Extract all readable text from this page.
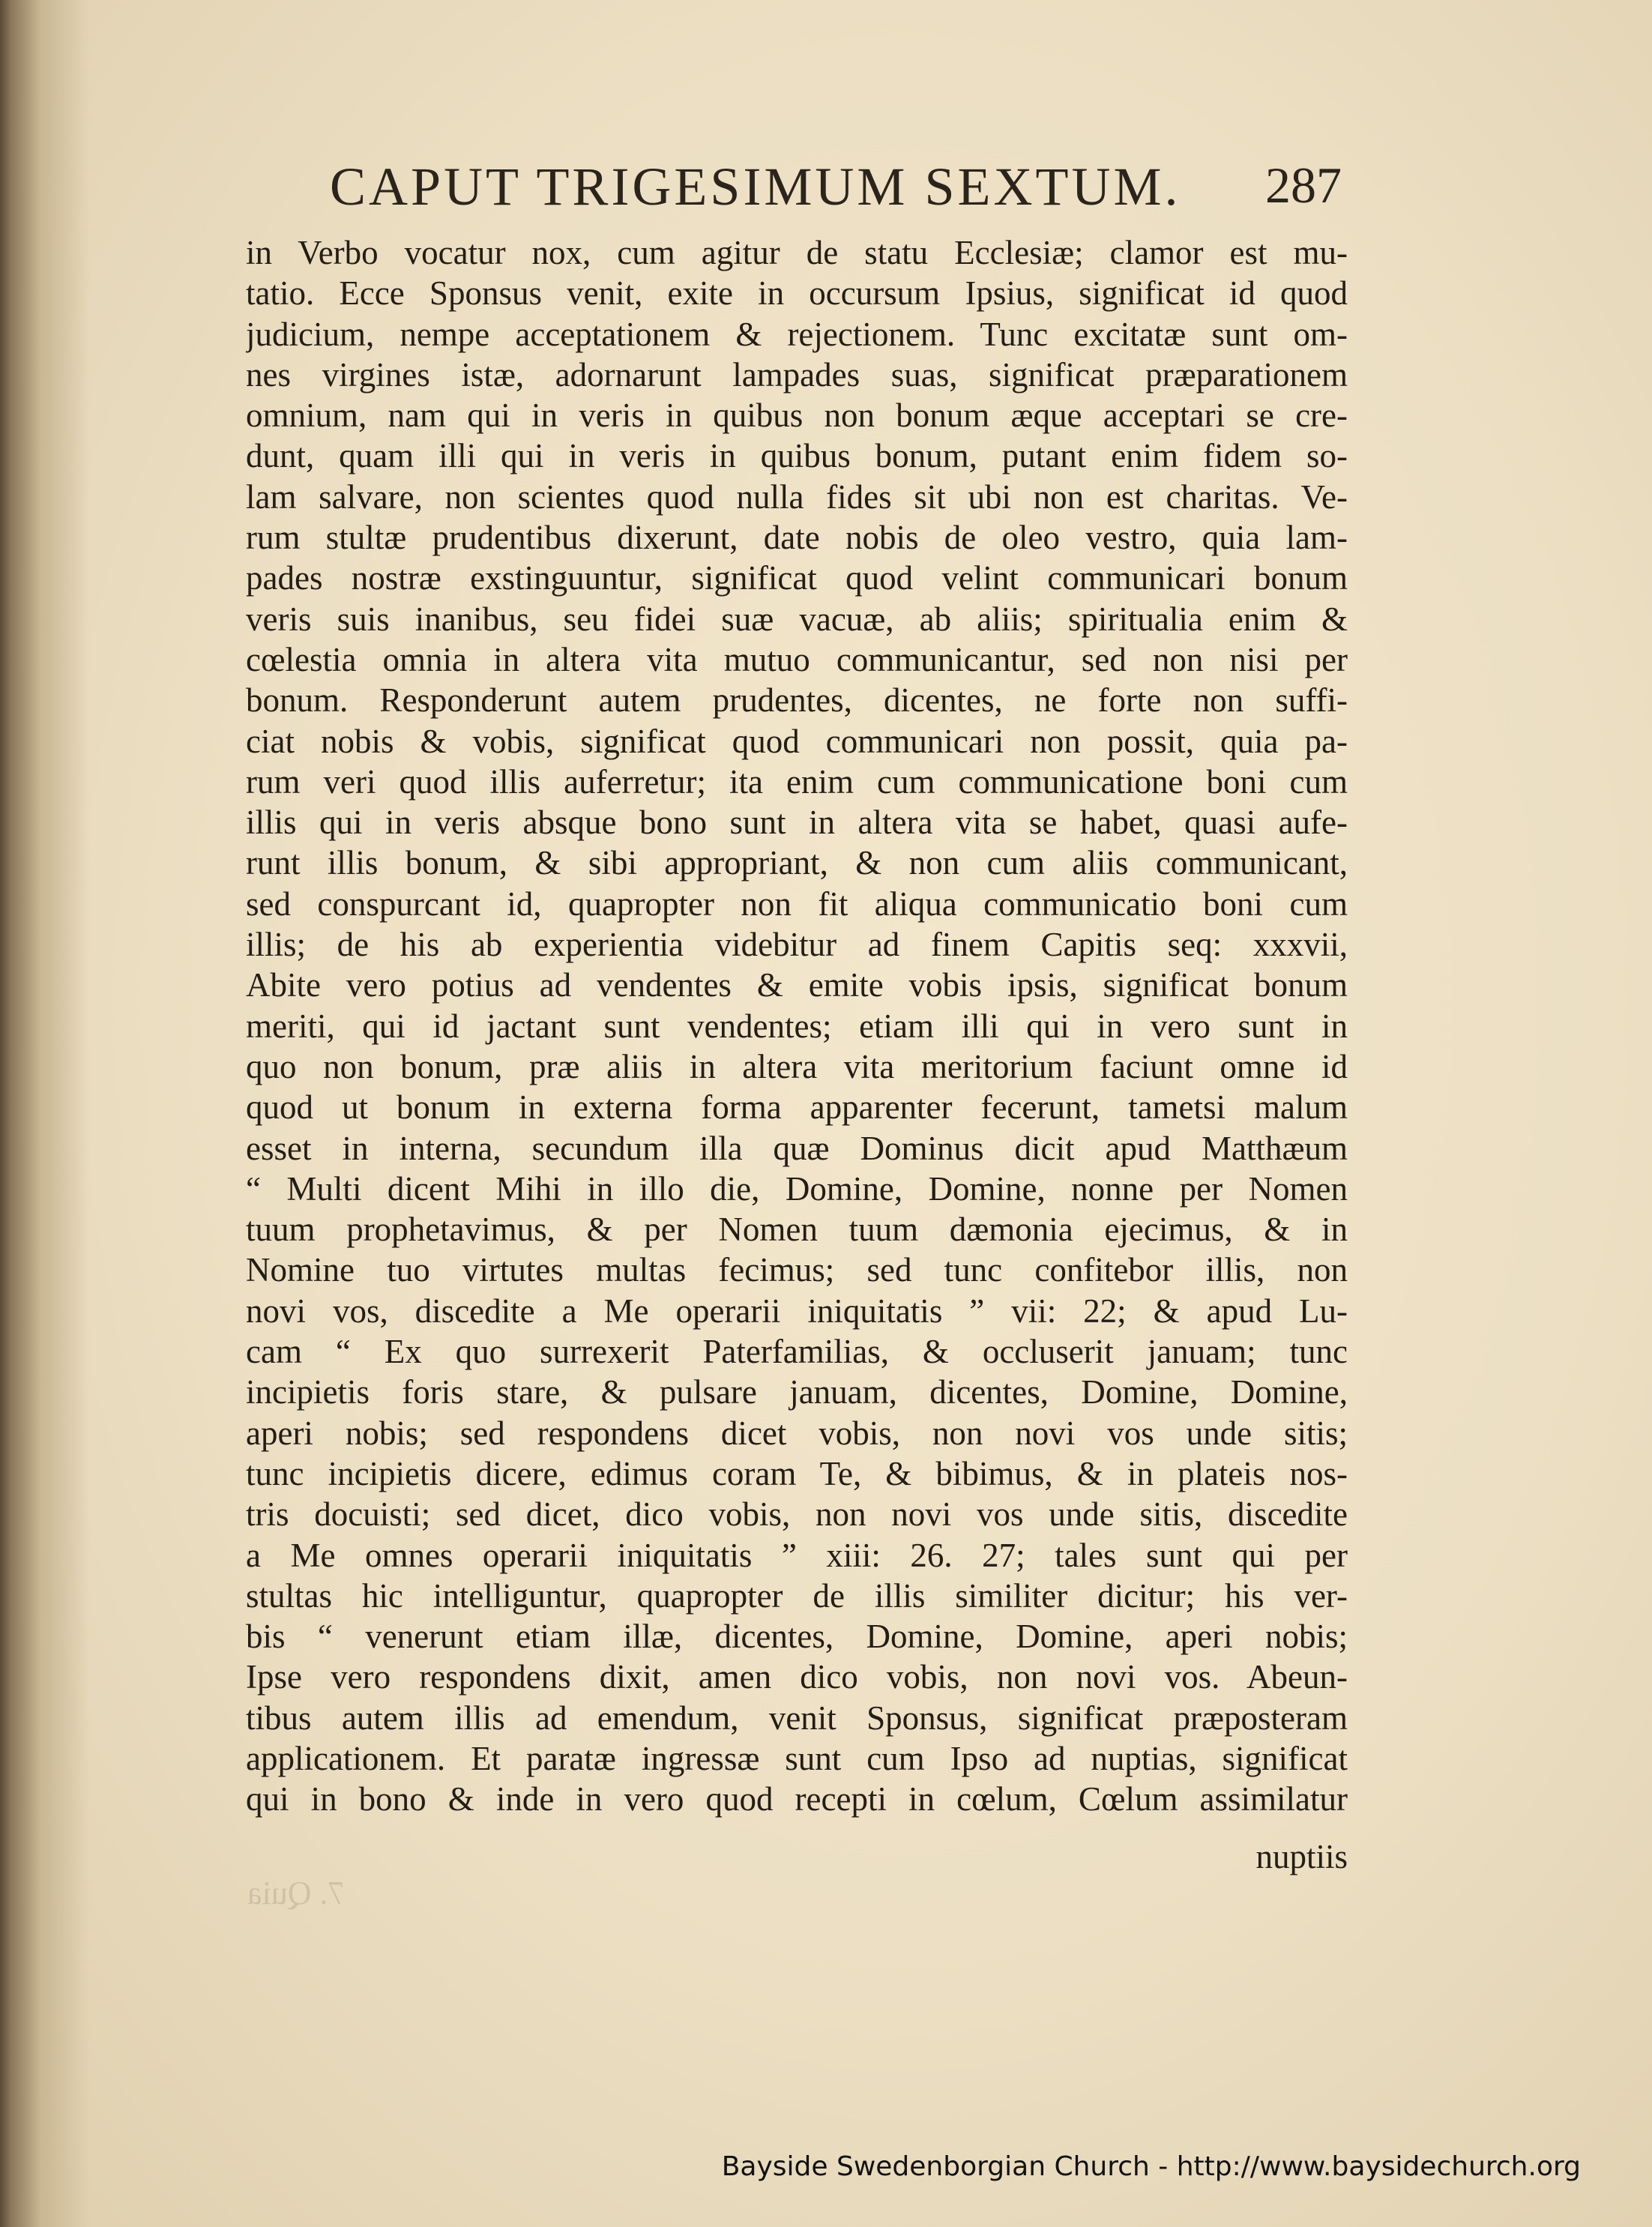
CAPUT TRIGESIMUM SEXTUM. 287
in Verbo vocatur nox, cum agitur de statu Ecclesiæ; clamor est mu-
tatio. Ecce Sponsus venit, exite in occursum Ipsius, significat id quod
judicium, nempe acceptationem & rejectionem. Tunc excitatæ sunt om-
nes virgines istæ, adornarunt lampades suas, significat præparationem
omnium, nam qui in veris in quibus non bonum æque acceptari se cre-
dunt, quam illi qui in veris in quibus bonum, putant enim fidem so-
lam salvare, non scientes quod nulla fides sit ubi non est charitas. Ve-
rum stultæ prudentibus dixerunt, date nobis de oleo vestro, quia lam-
pades nostræ exstinguuntur, significat quod velint communicari bonum
veris suis inanibus, seu fidei suæ vacuæ, ab aliis; spiritualia enim &
cœlestia omnia in altera vita mutuo communicantur, sed non nisi per
bonum. Responderunt autem prudentes, dicentes, ne forte non suffi-
ciat nobis & vobis, significat quod communicari non possit, quia pa-
rum veri quod illis auferretur; ita enim cum communicatione boni cum
illis qui in veris absque bono sunt in altera vita se habet, quasi aufe-
runt illis bonum, & sibi appropriant, & non cum aliis communicant,
sed conspurcant id, quapropter non fit aliqua communicatio boni cum
illis; de his ab experientia videbitur ad finem Capitis seq: xxxvii,
Abite vero potius ad vendentes & emite vobis ipsis, significat bonum
meriti, qui id jactant sunt vendentes; etiam illi qui in vero sunt in
quo non bonum, præ aliis in altera vita meritorium faciunt omne id
quod ut bonum in externa forma apparenter fecerunt, tametsi malum
esset in interna, secundum illa quæ Dominus dicit apud Matthæum
“ Multi dicent Mihi in illo die, Domine, Domine, nonne per Nomen
tuum prophetavimus, & per Nomen tuum dæmonia ejecimus, & in
Nomine tuo virtutes multas fecimus; sed tunc confitebor illis, non
novi vos, discedite a Me operarii iniquitatis ” vii: 22; & apud Lu-
cam “ Ex quo surrexerit Paterfamilias, & occluserit januam; tunc
incipietis foris stare, & pulsare januam, dicentes, Domine, Domine,
aperi nobis; sed respondens dicet vobis, non novi vos unde sitis;
tunc incipietis dicere, edimus coram Te, & bibimus, & in plateis nos-
tris docuisti; sed dicet, dico vobis, non novi vos unde sitis, discedite
a Me omnes operarii iniquitatis ” xiii: 26. 27; tales sunt qui per
stultas hic intelliguntur, quapropter de illis similiter dicitur; his ver-
bis “ venerunt etiam illæ, dicentes, Domine, Domine, aperi nobis;
Ipse vero respondens dixit, amen dico vobis, non novi vos. Abeun-
tibus autem illis ad emendum, venit Sponsus, significat præposteram
applicationem. Et paratæ ingressæ sunt cum Ipso ad nuptias, significat
qui in bono & inde in vero quod recepti in cœlum, Cœlum assimilatur
nuptiis
7. Quia
Bayside Swedenborgian Church - http://www.baysidechurch.org
